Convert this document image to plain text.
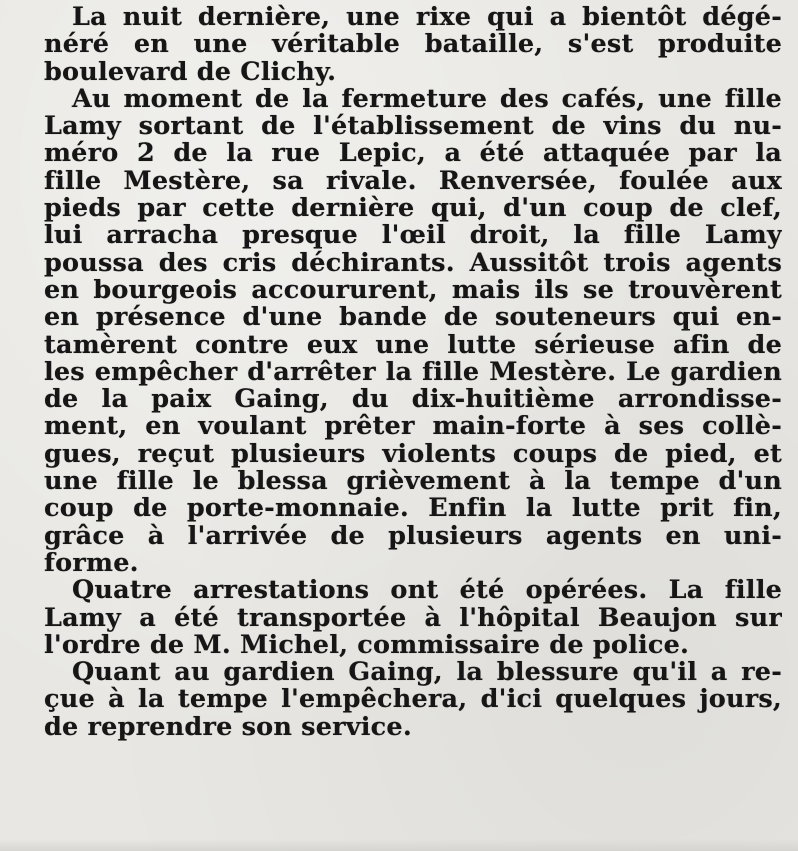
La nuit dernière, une rixe qui a bientôt dégé-
néré en une véritable bataille, s'est produite
boulevard de Clichy.
Au moment de la fermeture des cafés, une fille
Lamy sortant de l'établissement de vins du nu-
méro 2 de la rue Lepic, a été attaquée par la
fille Mestère, sa rivale. Renversée, foulée aux
pieds par cette dernière qui, d'un coup de clef,
lui arracha presque l'œil droit, la fille Lamy
poussa des cris déchirants. Aussitôt trois agents
en bourgeois accoururent, mais ils se trouvèrent
en présence d'une bande de souteneurs qui en-
tamèrent contre eux une lutte sérieuse afin de
les empêcher d'arrêter la fille Mestère. Le gardien
de la paix Gaing, du dix-huitième arrondisse-
ment, en voulant prêter main-forte à ses collè-
gues, reçut plusieurs violents coups de pied, et
une fille le blessa grièvement à la tempe d'un
coup de porte-monnaie. Enfin la lutte prit fin,
grâce à l'arrivée de plusieurs agents en uni-
forme.
Quatre arrestations ont été opérées. La fille
Lamy a été transportée à l'hôpital Beaujon sur
l'ordre de M. Michel, commissaire de police.
Quant au gardien Gaing, la blessure qu'il a re-
çue à la tempe l'empêchera, d'ici quelques jours,
de reprendre son service.
